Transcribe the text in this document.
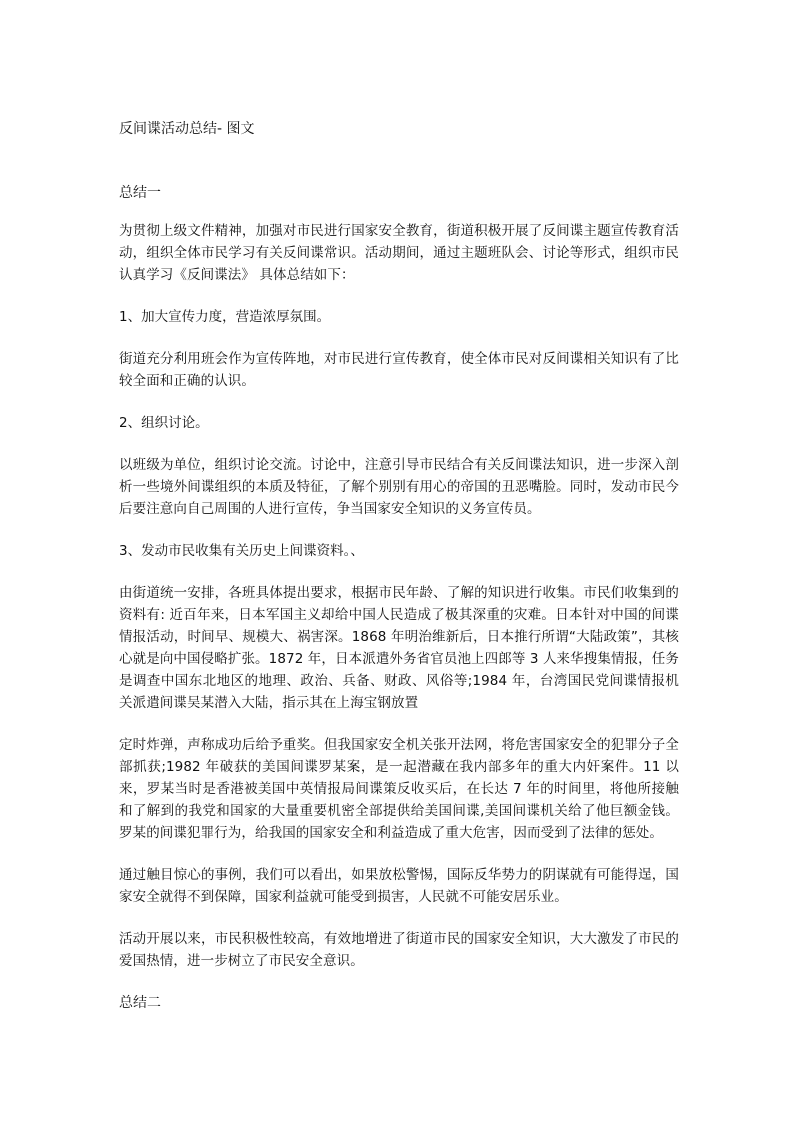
反间谍活动总结- 图文
总结一

为贯彻上级文件精神，加强对市民进行国家安全教育，街道积极开展了反间谍主题宣传教育活动，组织全体市民学习有关反间谍常识。活动期间，通过主题班队会、讨论等形式，组织市民认真学习《反间谍法》 具体总结如下：

1、加大宣传力度，营造浓厚氛围。

街道充分利用班会作为宣传阵地，对市民进行宣传教育，使全体市民对反间谍相关知识有了比较全面和正确的认识。

2、组织讨论。

以班级为单位，组织讨论交流。讨论中，注意引导市民结合有关反间谍法知识，进一步深入剖析一些境外间谍组织的本质及特征，了解个别别有用心的帝国的丑恶嘴脸。同时，发动市民今后要注意向自己周围的人进行宣传，争当国家安全知识的义务宣传员。

3、发动市民收集有关历史上间谍资料。、

由街道统一安排，各班具体提出要求，根据市民年龄、了解的知识进行收集。市民们收集到的资料有: 近百年来，日本军国主义却给中国人民造成了极其深重的灾难。日本针对中国的间谍情报活动，时间早、规模大、祸害深。1868 年明治维新后，日本推行所谓“大陆政策”，其核心就是向中国侵略扩张。1872 年，日本派遣外务省官员池上四郎等 3 人来华搜集情报，任务是调查中国东北地区的地理、政治、兵备、财政、风俗等;1984 年，台湾国民党间谍情报机关派遣间谍吴某潜入大陆，指示其在上海宝钢放置

定时炸弹，声称成功后给予重奖。但我国家安全机关张开法网，将危害国家安全的犯罪分子全部抓获;1982 年破获的美国间谍罗某案，是一起潜藏在我内部多年的重大内奸案件。11 以来，罗某当时是香港被美国中英情报局间谍策反收买后，在长达 7 年的时间里，将他所接触和了解到的我党和国家的大量重要机密全部提供给美国间谍,美国间谍机关给了他巨额金钱。罗某的间谍犯罪行为，给我国的国家安全和利益造成了重大危害，因而受到了法律的惩处。

通过触目惊心的事例，我们可以看出，如果放松警惕，国际反华势力的阴谋就有可能得逞，国家安全就得不到保障，国家利益就可能受到损害，人民就不可能安居乐业。

活动开展以来，市民积极性较高，有效地增进了街道市民的国家安全知识，大大激发了市民的爱国热情，进一步树立了市民安全意识。

总结二
